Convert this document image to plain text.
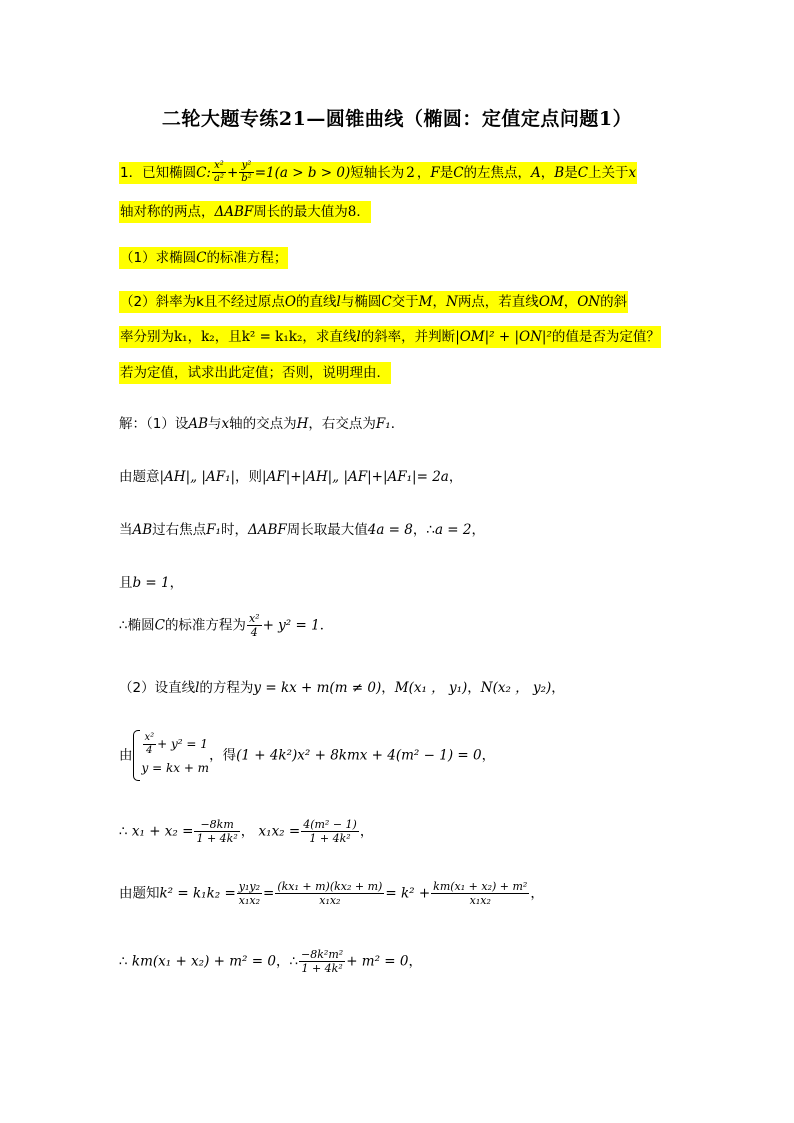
二轮大题专练21—圆锥曲线（椭圆：定值定点问题1）
1．已知椭圆C: $\frac{\text{x²}}{\text{a²}} + \frac{\text{y²}}{\text{b²}} =1(a > b > 0)$短轴长为 2 ，F是C的左焦点，A，B是C上关于x
轴对称的两点，ΔABF周长的最大值为8．
（1）求椭圆C的标准方程；
（2）斜率为k且不经过原点O的直线l与椭圆C交于M，N两点，若直线OM，ON的斜
率分别为k₁，k₂，且k² = k₁k₂，求直线l的斜率，并判断|OM|² + |ON|²的值是否为定值？
若为定值，试求出此定值；否则，说明理由．
解：（1）设AB与x轴的交点为H，右交点为F₁．
由题意|AH|„ |AF₁|，则|AF|+|AH|„ |AF|+|AF₁|= 2a，
当AB过右焦点F₁时，ΔABF周长取最大值4a = 8，∴a = 2，
且b = 1，
∴椭圆C的标准方程为 $\frac{\text{x²}}{4} + y^2 = 1$．
（2）设直线l的方程为y = kx + m(m ≠ 0)，M(x₁ ， y₁)，N(x₂ ， y₂)，
由 $\frac{\text{x²}}{4} + y^2 = 1$
y = kx + m
，得(1 + 4k²)x² + 8kmx + 4(m² − 1) = 0，
∴ $x_1 + x_2 = \frac{-8km}{\text{1 + 4k²}}$ ， $x_1x_2 = \frac{\text{4(m² − 1)}}{\text{1 + 4k²}}$ ，
由题知$k^2 = k_1k_2 = \frac{\text{y₁y₂}}{\text{x₁x₂}} = \frac{\text{(kx₁ + m)(kx₂ + m)}}{\text{x₁x₂}} = k^2 + \frac{\text{km(x₁ + x₂) + m²}}{\text{x₁x₂}}$ ，
∴ km(x₁ + x₂) + m² = 0，∴ $\frac{\text{−8k²m²}}{\text{1 + 4k²}} + m^2 = 0$，
